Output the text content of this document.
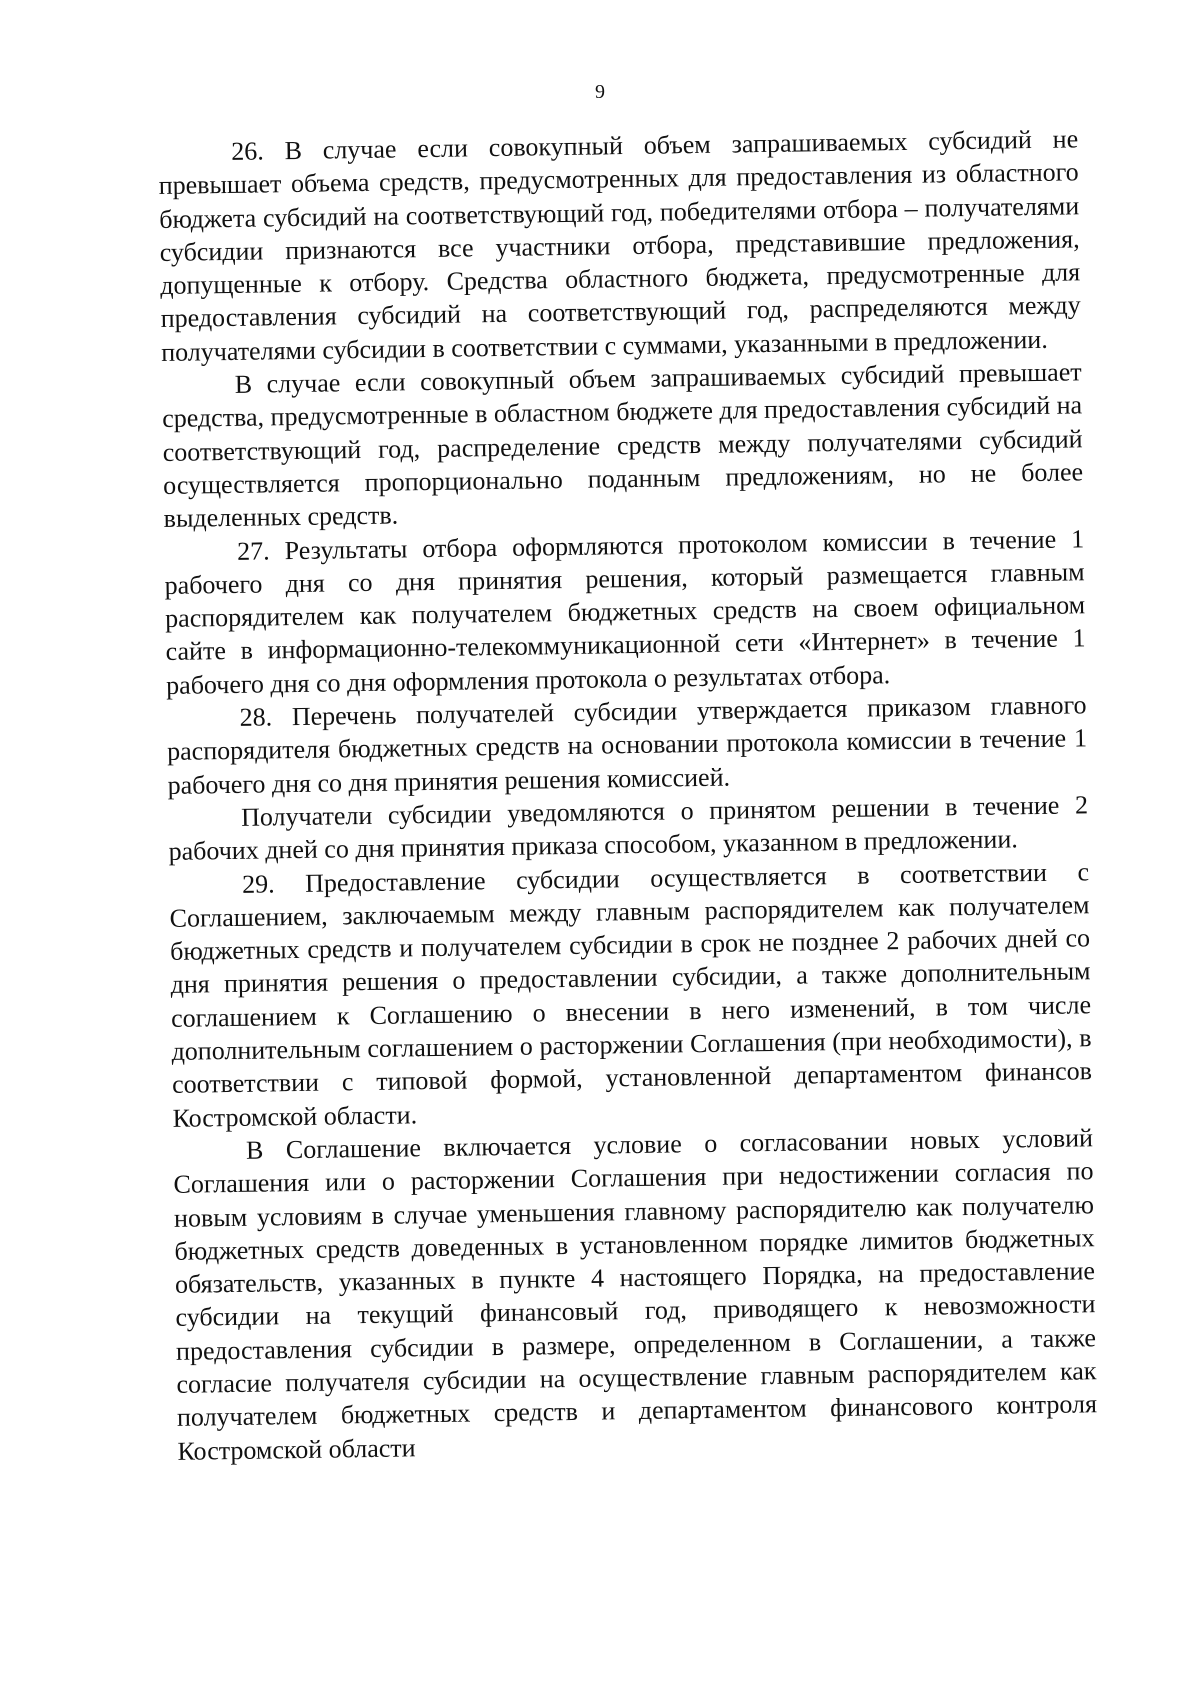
9

26. В случае если совокупный объем запрашиваемых субсидий не превышает объема средств, предусмотренных для предоставления из областного бюджета субсидий на соответствующий год, победителями отбора – получателями субсидии признаются все участники отбора, представившие предложения, допущенные к отбору. Средства областного бюджета, предусмотренные для предоставления субсидий на соответствующий год, распределяются между получателями субсидии в соответствии с суммами, указанными в предложении.

В случае если совокупный объем запрашиваемых субсидий превышает средства, предусмотренные в областном бюджете для предоставления субсидий на соответствующий год, распределение средств между получателями субсидий осуществляется пропорционально поданным предложениям, но не более выделенных средств.

27. Результаты отбора оформляются протоколом комиссии в течение 1 рабочего дня со дня принятия решения, который размещается главным распорядителем как получателем бюджетных средств на своем официальном сайте в информационно-телекоммуникационной сети «Интернет» в течение 1 рабочего дня со дня оформления протокола о результатах отбора.

28. Перечень получателей субсидии утверждается приказом главного распорядителя бюджетных средств на основании протокола комиссии в течение 1 рабочего дня со дня принятия решения комиссией.

Получатели субсидии уведомляются о принятом решении в течение 2 рабочих дней со дня принятия приказа способом, указанном в предложении.

29. Предоставление субсидии осуществляется в соответствии с Соглашением, заключаемым между главным распорядителем как получателем бюджетных средств и получателем субсидии в срок не позднее 2 рабочих дней со дня принятия решения о предоставлении субсидии, а также дополнительным соглашением к Соглашению о внесении в него изменений, в том числе дополнительным соглашением о расторжении Соглашения (при необходимости), в соответствии с типовой формой, установленной департаментом финансов Костромской области.

В Соглашение включается условие о согласовании новых условий Соглашения или о расторжении Соглашения при недостижении согласия по новым условиям в случае уменьшения главному распорядителю как получателю бюджетных средств доведенных в установленном порядке лимитов бюджетных обязательств, указанных в пункте 4 настоящего Порядка, на предоставление субсидии на текущий финансовый год, приводящего к невозможности предоставления субсидии в размере, определенном в Соглашении, а также согласие получателя субсидии на осуществление главным распорядителем как получателем бюджетных средств и департаментом финансового контроля Костромской области
